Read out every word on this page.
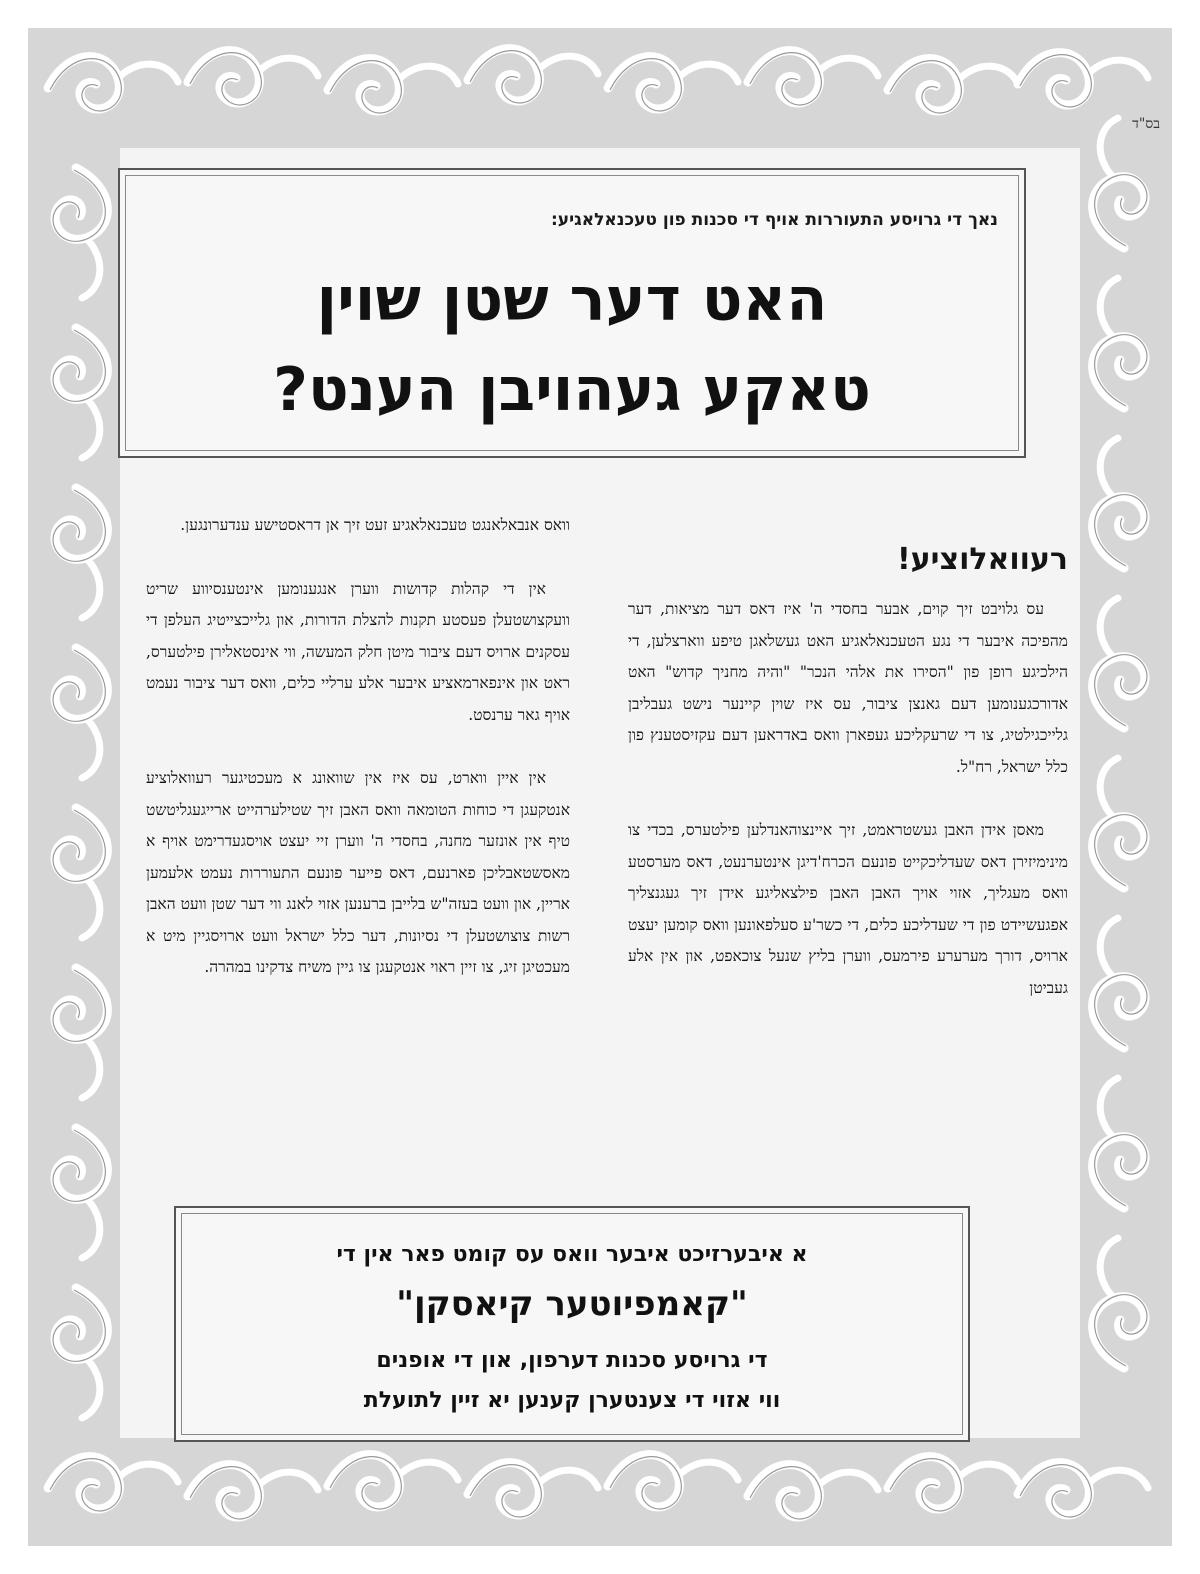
בס"ד
נאך די גרויסע התעוררות אויף די סכנות פון טעכנאלאגיע:
האט דער שטן שוין
טאקע געהויבן הענט?
רעוואלוציע!

עס גלויבט זיך קוים, אבער בחסדי ה' איז דאס דער מציאות, דער מהפיכה איבער די נגע הטעכנאלאגיע האט געשלאגן טיפע ווארצלען, די הילכיגע רופן פון "הסירו את אלהי הנכר" "והיה מחניך קדוש" האט אדורכגענומען דעם גאנצן ציבור, עס איז שוין קיינער נישט געבליבן גלייכגילטיג, צו די שרעקליכע געפארן וואס באדראען דעם עקזיסטענץ פון כלל ישראל, רח"ל.

מאסן אידן האבן געשטראמט, זיך איינצוהאנדלען פילטערס, בכדי צו מינימיזירן דאס שעדליכקייט פונעם הכרח'דיגן אינטערנעט, דאס מערסטע וואס מעגליך, אזוי אויך האבן האבן פילצאליגע אידן זיך געגנצליך אפגעשיידט פון די שעדליכע כלים, די כשר'ע סעלפאונען וואס קומען יעצט ארויס, דורך מערערע פירמעס, ווערן בליץ שנעל צוכאפט, און אין אלע געביטן

וואס אנבאלאנגט טעכנאלאגיע זעט זיך אן דראסטישע ענדערונגען.

אין די קהלות קדושות ווערן אנגענומען אינטענסיווע שריט וועקצושטעלן פעסטע תקנות להצלת הדורות, און גלייכצייטיג העלפן די עסקנים ארויס דעם ציבור מיטן חלק המעשה, ווי אינסטאלירן פילטערס, ראט און אינפארמאציע איבער אלע ערליי כלים, וואס דער ציבור נעמט אויף גאר ערנסט.

אין איין ווארט, עס איז אין שוואונג א מעכטיגער רעוואלוציע אנטקעגן די כוחות הטומאה וואס האבן זיך שטילערהייט ארייגעגליטשט טיף אין אונזער מחנה, בחסדי ה' ווערן זיי יעצט אויסגעדרימט אויף א מאסשטאבליכן פארנעם, דאס פייער פונעם התעוררות נעמט אלעמען אריין, און וועט בעזה"ש בלייבן ברענען אזוי לאנג ווי דער שטן וועט האבן רשות צוצושטעלן די נסיונות, דער כלל ישראל וועט ארויסגיין מיט א מעכטיגן זיג, צו זיין ראוי אנטקעגן צו גיין משיח צדקינו במהרה.

א איבערזיכט איבער וואס עס קומט פאר אין די
"קאמפיוטער קיאסקן"
די גרויסע סכנות דערפון, און די אופנים
ווי אזוי די צענטערן קענען יא זיין לתועלת
